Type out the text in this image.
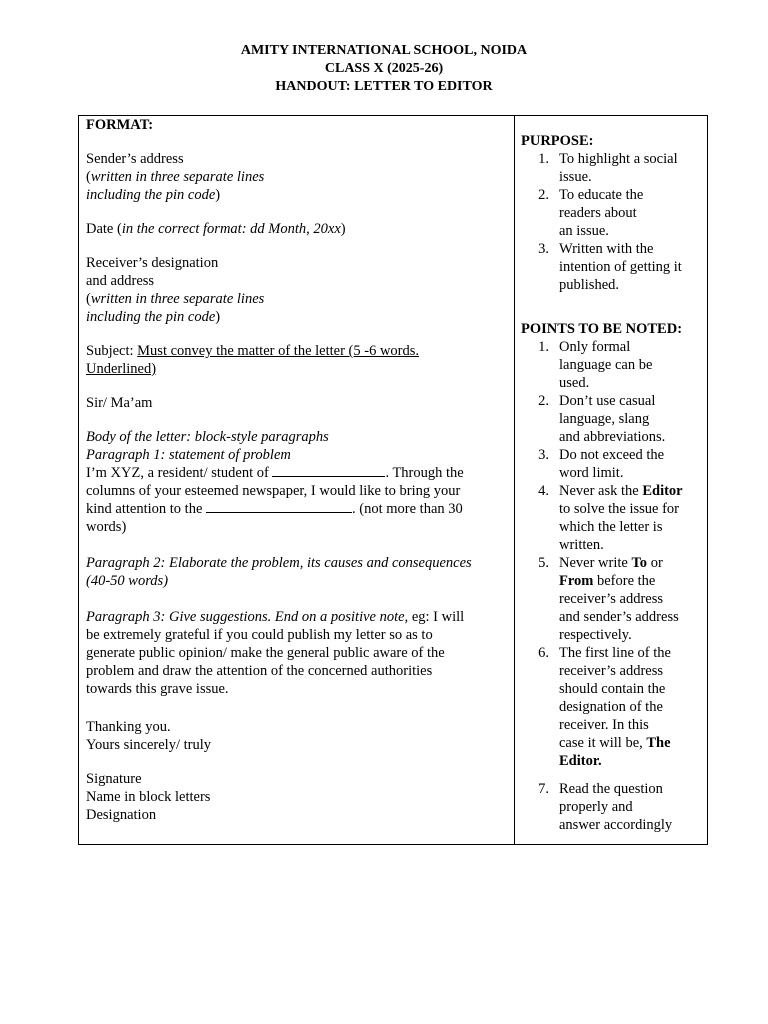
AMITY INTERNATIONAL SCHOOL, NOIDA
CLASS X (2025-26)
HANDOUT: LETTER TO EDITOR
FORMAT:
Sender’s address
(written in three separate lines
including the pin code)
Date (in the correct format: dd Month, 20xx)
Receiver’s designation
and address
(written in three separate lines
including the pin code)
Subject: Must convey the matter of the letter (5 -6 words.
Underlined)
Sir/ Ma’am
Body of the letter: block-style paragraphs
Paragraph 1: statement of problem
I’m XYZ, a resident/ student of	. Through the
columns of your esteemed newspaper, I would like to bring your
kind attention to the	. (not more than 30
words)
Paragraph 2: Elaborate the problem, its causes and consequences
(40-50 words)
Paragraph 3: Give suggestions. End on a positive note, eg: I will
be extremely grateful if you could publish my letter so as to
generate public opinion/ make the general public aware of the
problem and draw the attention of the concerned authorities
towards this grave issue.
Thanking you.
Yours sincerely/ truly
Signature
Name in block letters
Designation
PURPOSE:
1. To highlight a social
issue.
2. To educate the
readers about
an issue.
3. Written with the
intention of getting it
published.
POINTS TO BE NOTED:
1. Only formal
language can be
used.
2. Don’t use casual
language, slang
and abbreviations.
3. Do not exceed the
word limit.
4. Never ask the Editor
to solve the issue for
which the letter is
written.
5. Never write To or
From before the
receiver’s address
and sender’s address
respectively.
6. The first line of the
receiver’s address
should contain the
designation of the
receiver. In this
case it will be, The
Editor.
7. Read the question
properly and
answer accordingly
